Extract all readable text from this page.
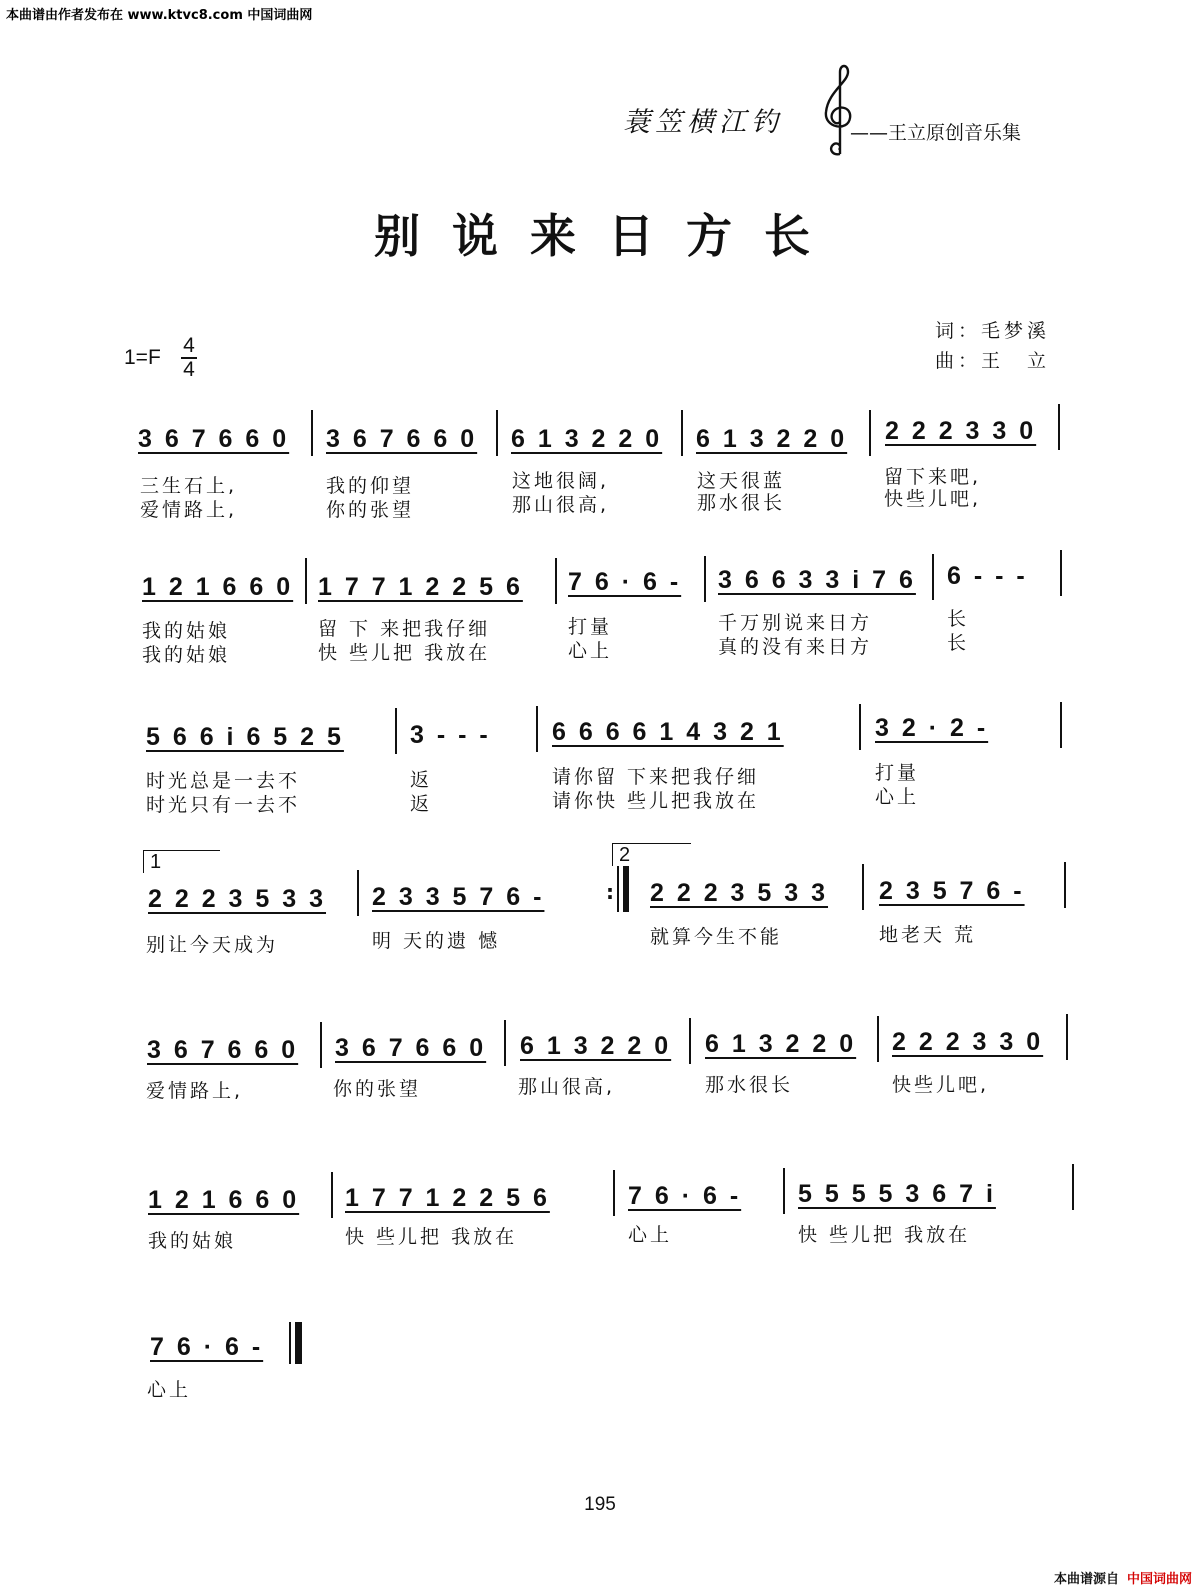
本曲谱由作者发布在 www.ktvc8.com 中国词曲网
本曲谱源自 中国词曲网
蓑笠横江钓	——王立原创音乐集
别说来日方长
词：毛梦溪
曲：王　立
1=F
4
4
3 6 7 6 6 0 3 6 7 6 6 0 6 1 3 2 2 0 6 1 3 2 2 0 2 2 2 3 3 0
三生石上,	我的仰望	这地很阔,	这天很蓝	留下来吧,
爱情路上,	你的张望	那山很高,	那水很长	快些儿吧,
1 2 1 6 6 0 1 7 7 1 2 2 5 6 7 6 · 6 - 3 6 6 3 3 i 7 6 6 - - -
我的姑娘	留 下 来把我仔细	打量	千万别说来日方	长
我的姑娘	快 些儿把 我放在	心上	真的没有来日方	长
5 6 6 i 6 5 2 5	3 - - - 6 6 6 6 1 4 3 2 1	3 2 · 2 -
时光总是一去不	返	请你留 下来把我仔细	打量
时光只有一去不	返	请你快 些儿把我放在	心上
1	2
2 2 2 3 5 3 3 2 3 3 5 7 6 -	: 2 2 2 3 5 3 3 2 3 5 7 6 -
别让今天成为	明 天的遗 憾	就算今生不能	地老天 荒
3 6 7 6 6 0 3 6 7 6 6 0 6 1 3 2 2 0 6 1 3 2 2 0 2 2 2 3 3 0
爱情路上,	你的张望	那山很高,	那水很长	快些儿吧,
1 2 1 6 6 0 1 7 7 1 2 2 5 6	7 6 · 6 - 5 5 5 5 3 6 7 i
我的姑娘	快 些儿把 我放在	心上	快 些儿把 我放在
7 6 · 6 -
心上
195
